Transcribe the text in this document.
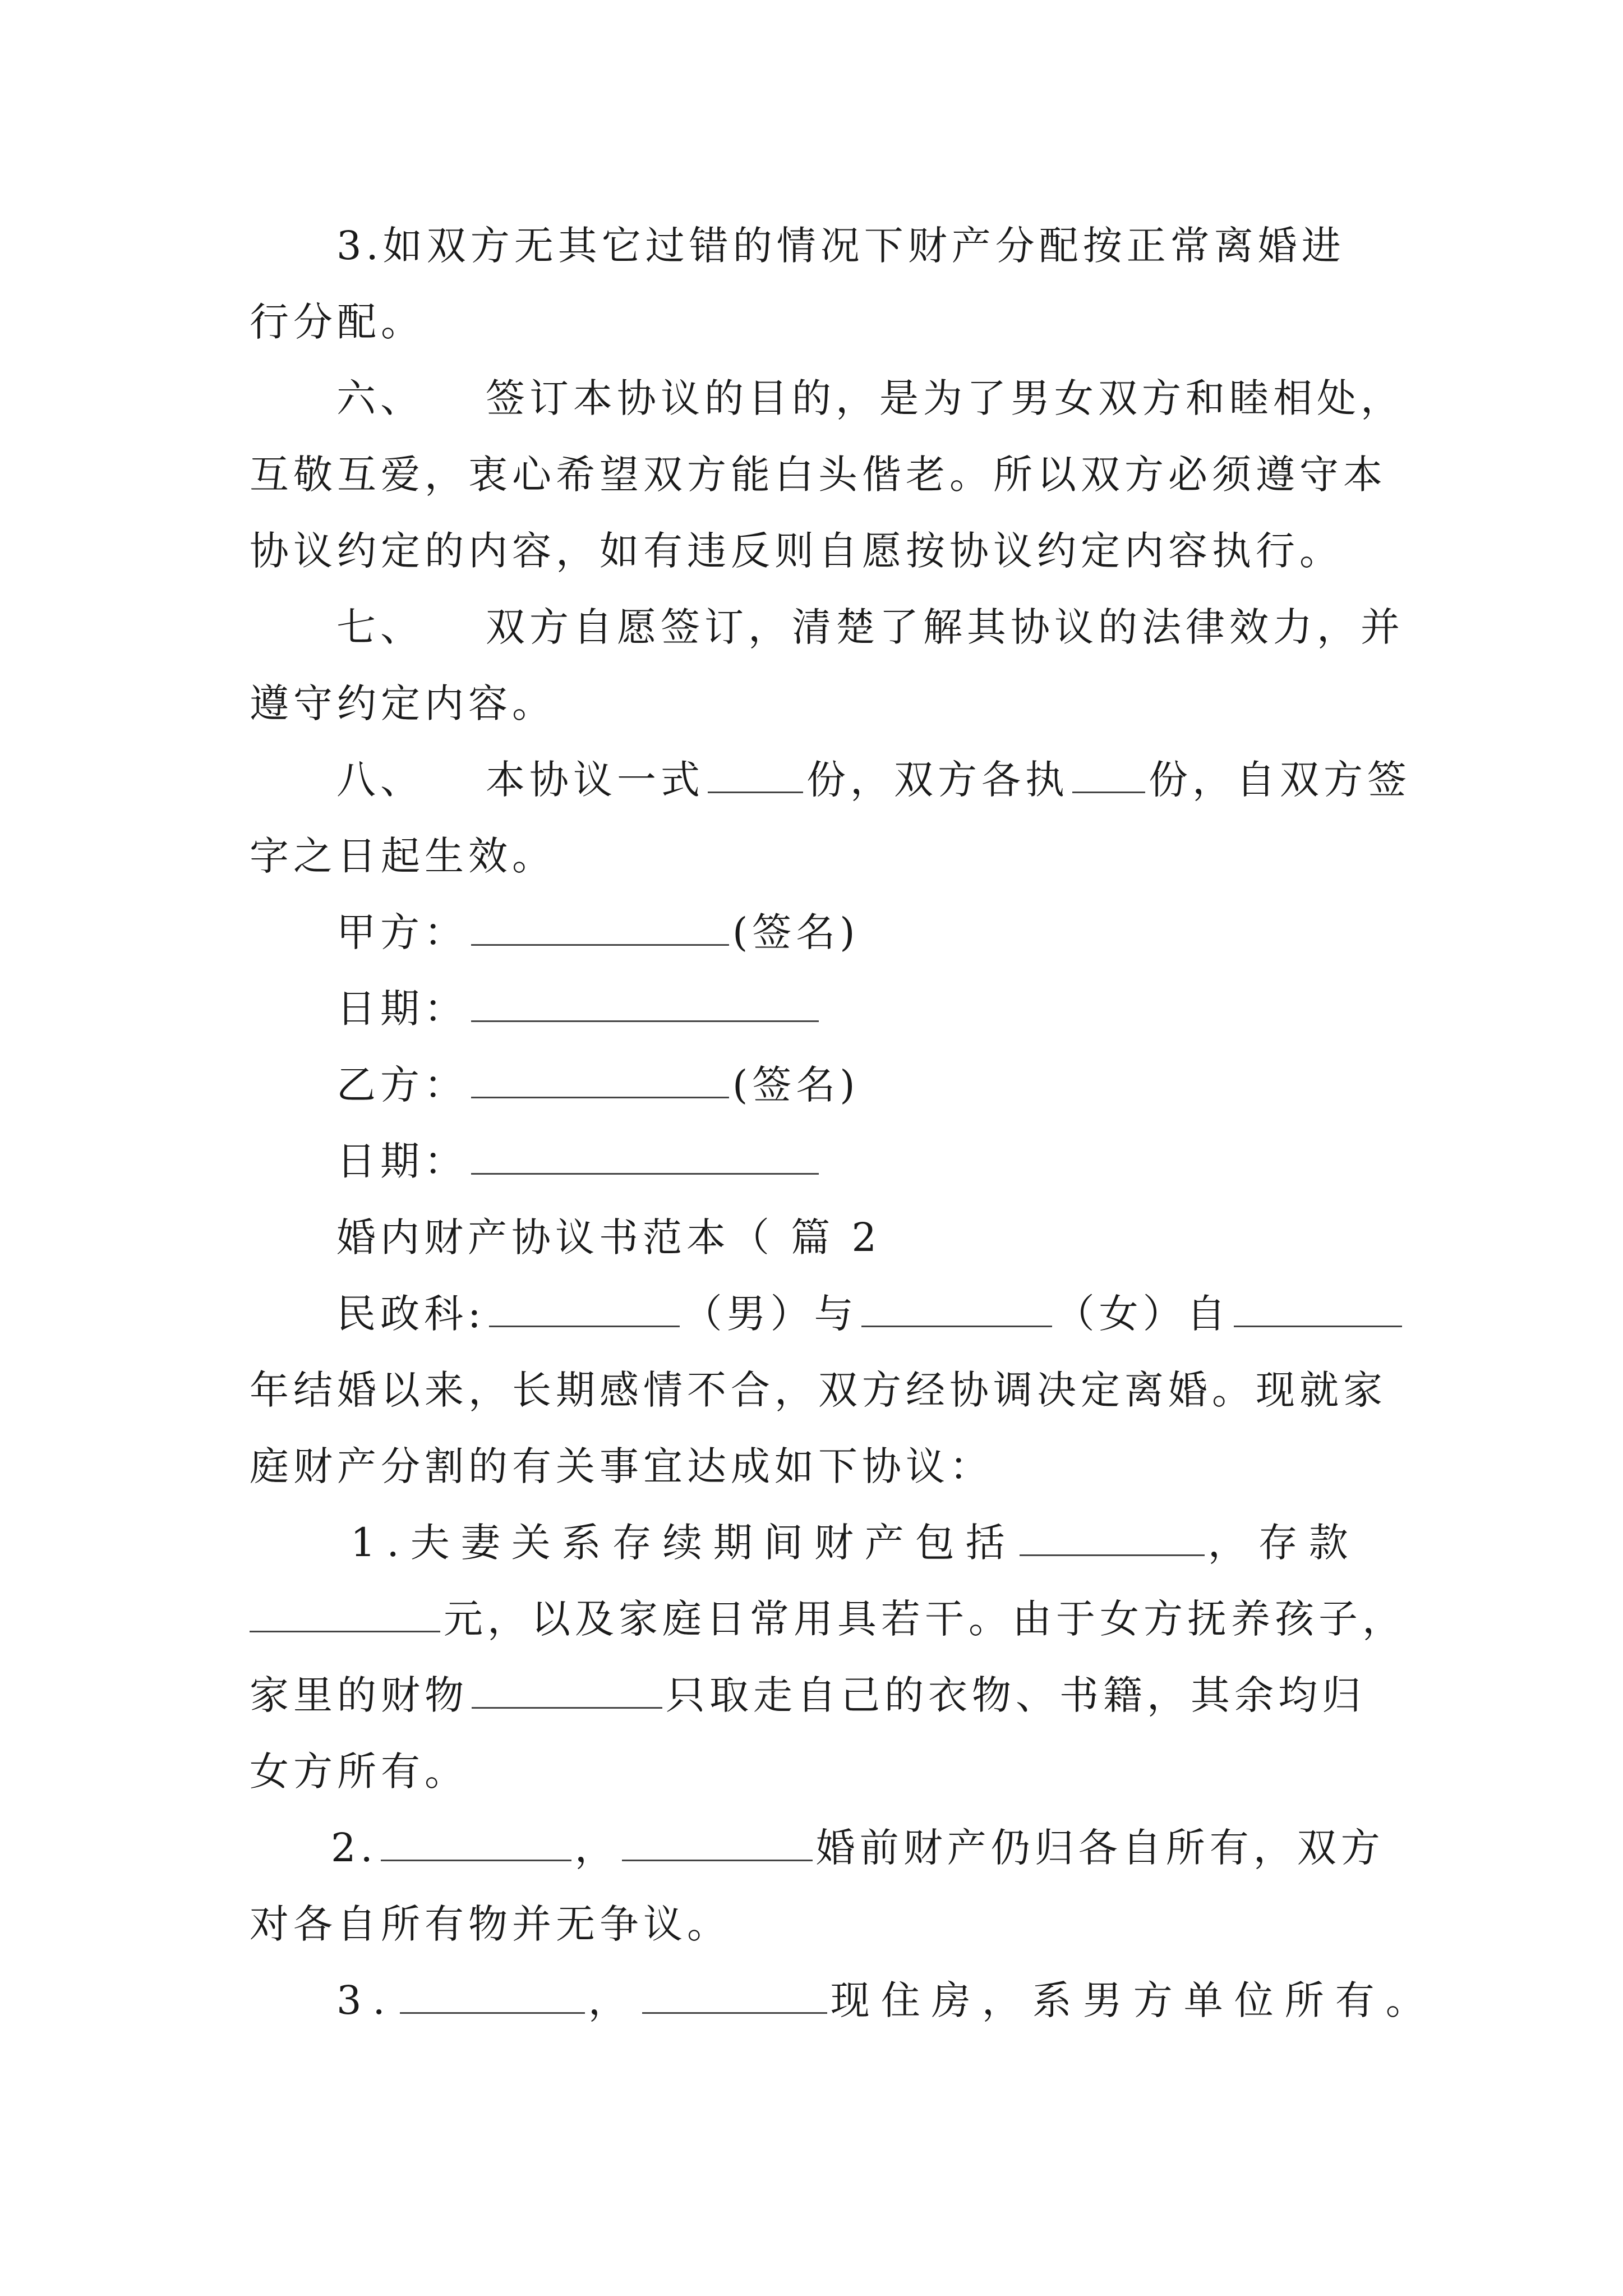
3.如双方无其它过错的情况下财产分配按正常离婚进
行分配。
六、 签订本协议的目的，是为了男女双方和睦相处，
互敬互爱，衷心希望双方能白头偕老。所以双方必须遵守本
协议约定的内容，如有违反则自愿按协议约定内容执行。
七、 双方自愿签订，清楚了解其协议的法律效力，并
遵守约定内容。
八、 本协议一式	份，双方各执 份，自双方签
字之日起生效。
甲方：	(签名)
日期：
乙方：	(签名)
日期：
婚内财产协议书范本（ 篇 2
民政科:	（男）与	（女）自
年结婚以来，长期感情不合，双方经协调决定离婚。现就家
庭财产分割的有关事宜达成如下协议：
1.夫妻关系存续期间财产包括	，存款
元，以及家庭日常用具若干。由于女方抚养孩子，
家里的财物	只取走自己的衣物、书籍，其余均归
女方所有。
2.	，	婚前财产仍归各自所有，双方
对各自所有物并无争议。
3.	，	现住房，系男方单位所有。
